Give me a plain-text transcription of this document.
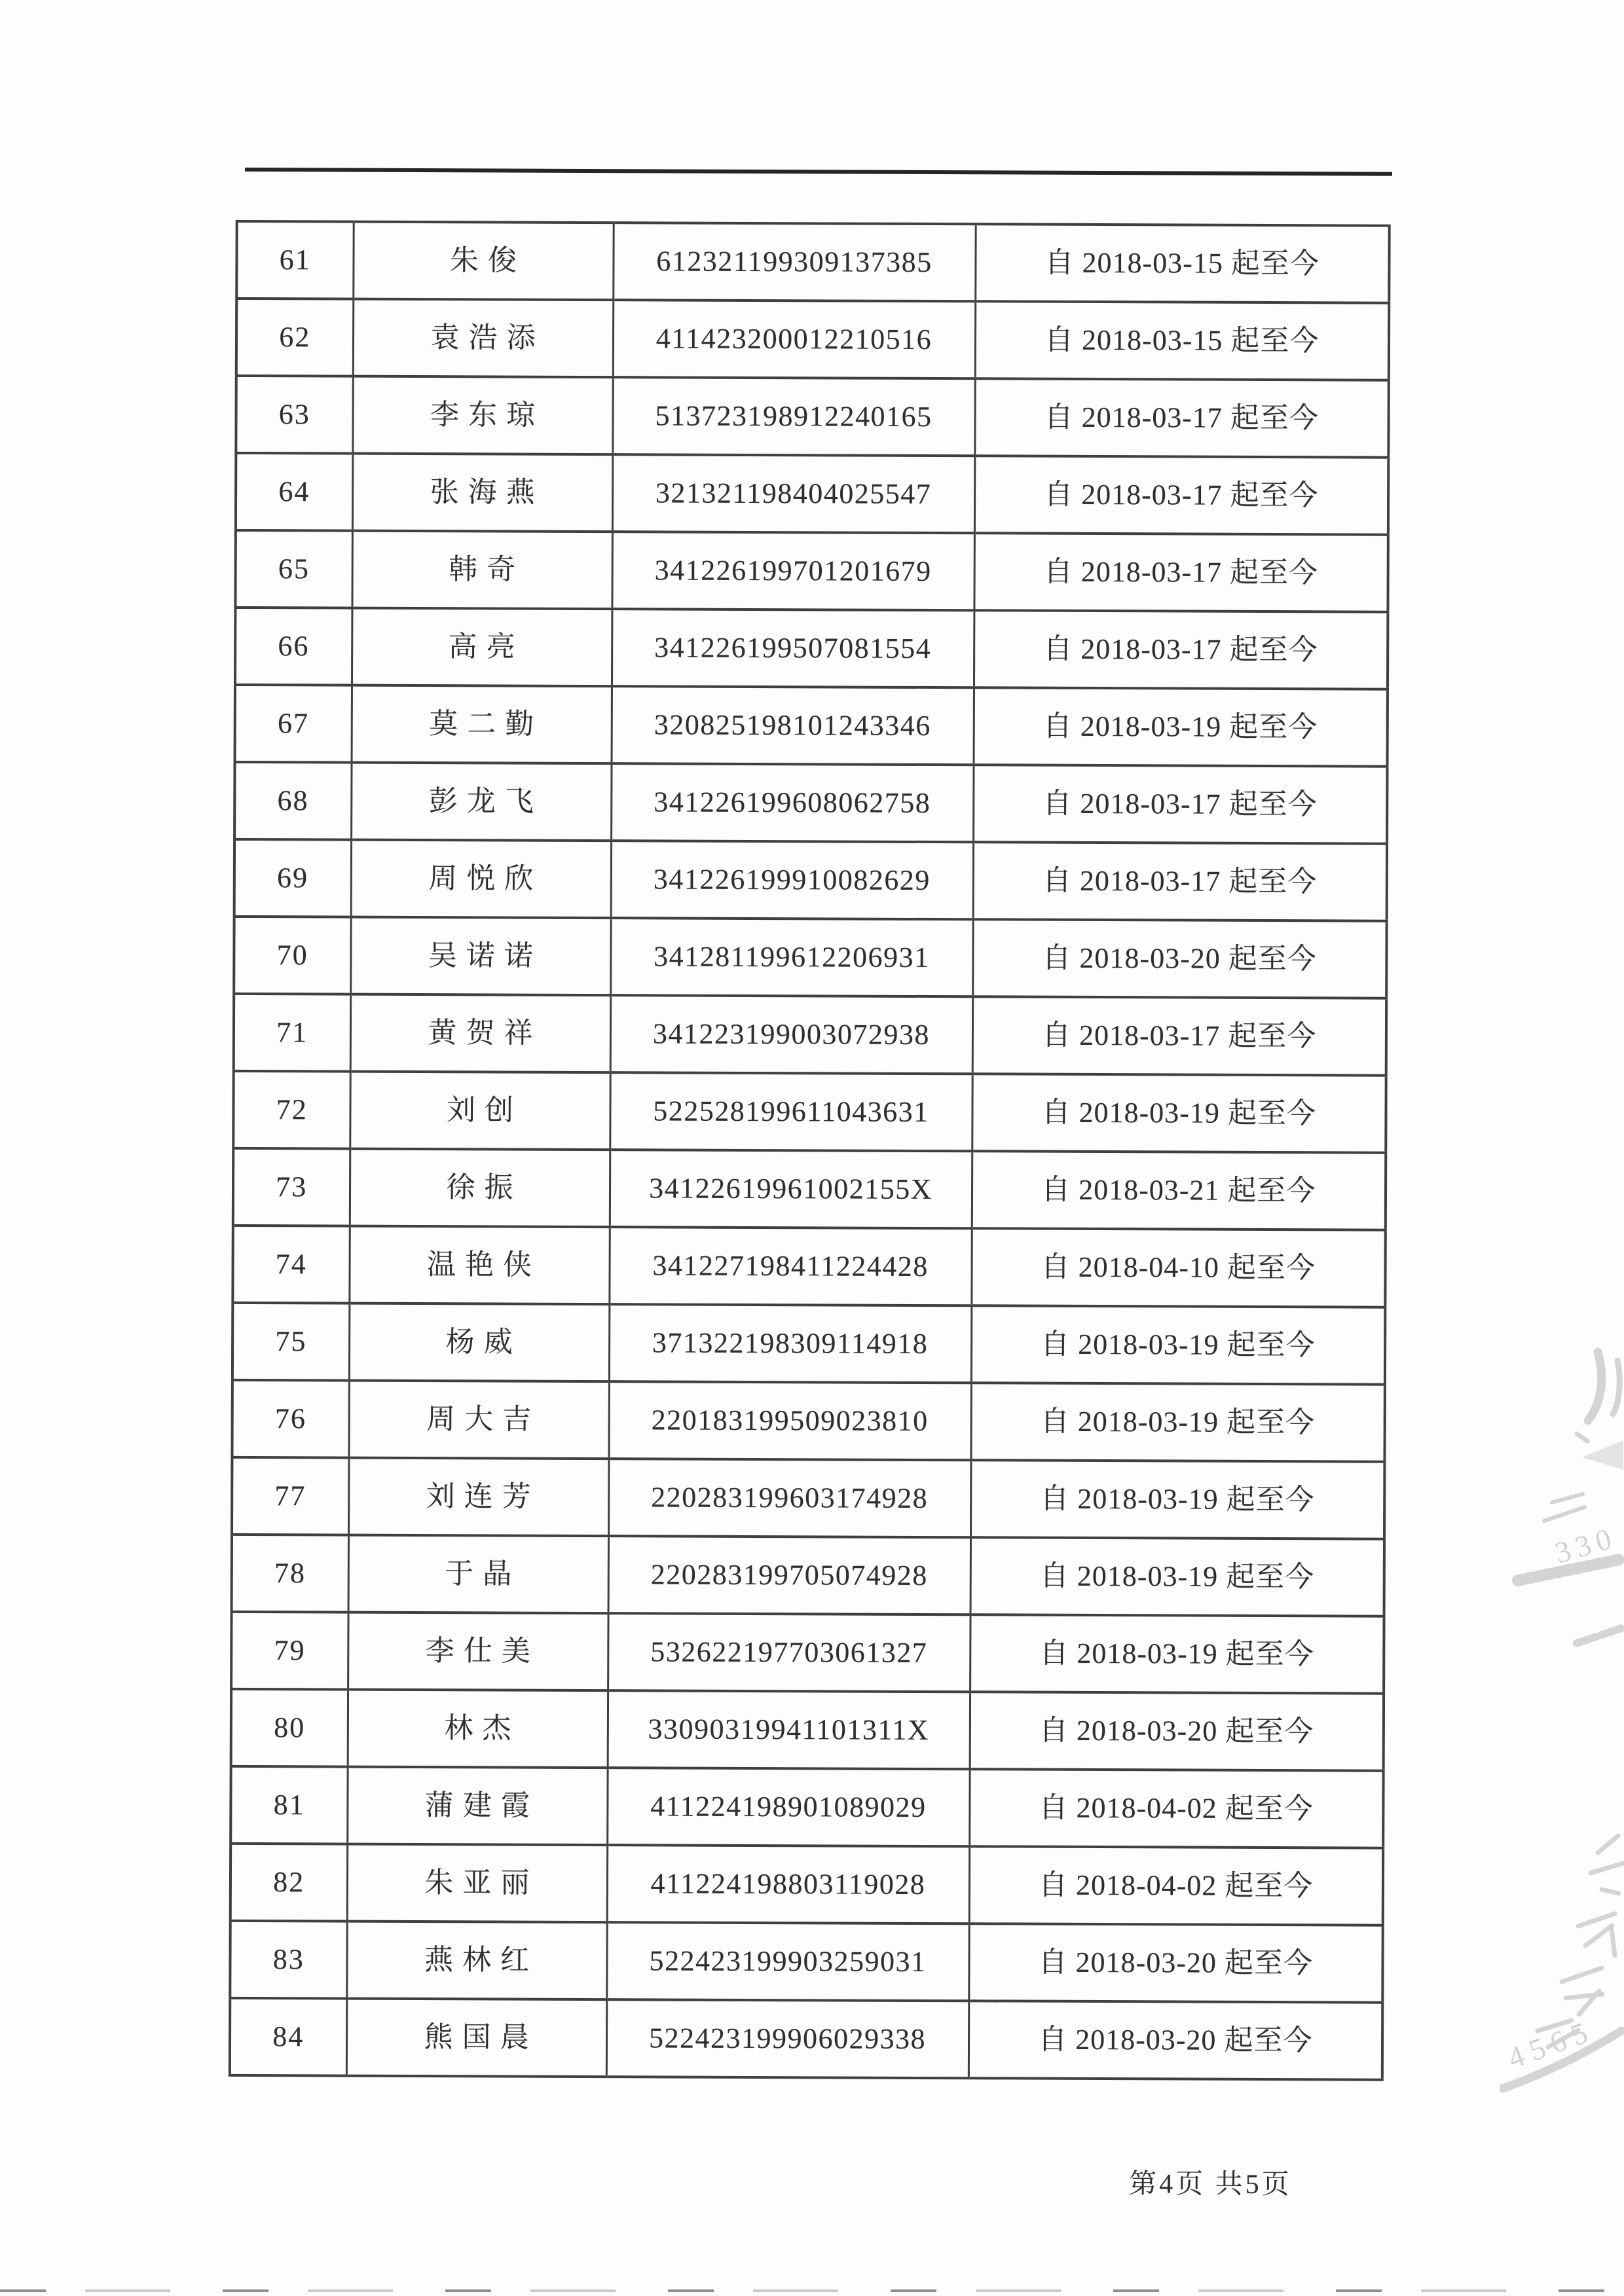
61	朱俊	612321199309137385	自 2018-03-15 起至今
62	袁浩添	411423200012210516	自 2018-03-15 起至今
63	李东琼	513723198912240165	自 2018-03-17 起至今
64	张海燕	321321198404025547	自 2018-03-17 起至今
65	韩奇	341226199701201679	自 2018-03-17 起至今
66	高亮	341226199507081554	自 2018-03-17 起至今
67	莫二勤	320825198101243346	自 2018-03-19 起至今
68	彭龙飞	341226199608062758	自 2018-03-17 起至今
69	周悦欣	341226199910082629	自 2018-03-17 起至今
70	吴诺诺	341281199612206931	自 2018-03-20 起至今
71	黄贺祥	341223199003072938	自 2018-03-17 起至今
72	刘创	522528199611043631	自 2018-03-19 起至今
73	徐振	34122619961002155X	自 2018-03-21 起至今
74	温艳侠	341227198411224428	自 2018-04-10 起至今
75	杨威	371322198309114918	自 2018-03-19 起至今
76	周大吉	220183199509023810	自 2018-03-19 起至今
77	刘连芳	220283199603174928	自 2018-03-19 起至今
78	于晶	220283199705074928	自 2018-03-19 起至今
79	李仕美	532622197703061327	自 2018-03-19 起至今
80	林杰	33090319941101311X	自 2018-03-20 起至今
81	蒲建霞	411224198901089029	自 2018-04-02 起至今
82	朱亚丽	411224198803119028	自 2018-04-02 起至今
83	燕林红	522423199903259031	自 2018-03-20 起至今
84	熊国晨	522423199906029338	自 2018-03-20 起至今
第4页 共5页
330
4565
